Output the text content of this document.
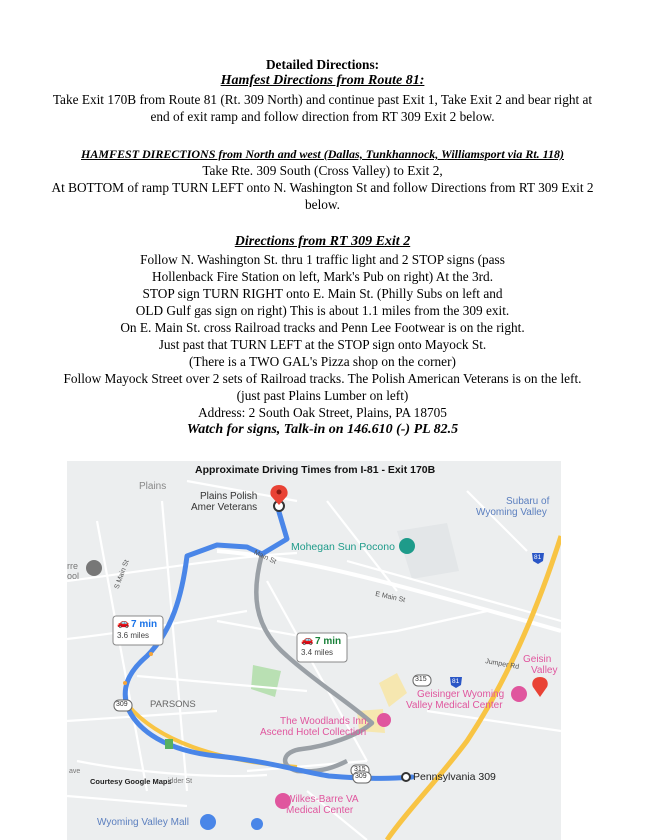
Detailed Directions:
Hamfest Directions from Route 81:
Take Exit 170B from Route 81 (Rt. 309 North) and continue past Exit 1, Take Exit 2 and bear right at
end of exit ramp and follow direction from RT 309 Exit 2 below.
HAMFEST DIRECTIONS from North and west (Dallas, Tunkhannock, Williamsport via Rt. 118)
Take Rte. 309 South (Cross Valley) to Exit 2,
At BOTTOM of ramp TURN LEFT onto N. Washington St and follow Directions from RT 309 Exit 2
below.
Directions from RT 309 Exit 2
Follow N. Washington St. thru 1 traffic light and 2 STOP signs (pass
Hollenback Fire Station on left, Mark's Pub on right) At the 3rd.
STOP sign TURN RIGHT onto E. Main St. (Philly Subs on left and
OLD Gulf gas sign on right) This is about 1.1 miles from the 309 exit.
On E. Main St. cross Railroad tracks and Penn Lee Footwear is on the right.
Just past that TURN LEFT at the STOP sign onto Mayock St.
(There is a TWO GAL's Pizza shop on the corner)
Follow Mayock Street over 2 sets of Railroad tracks. The Polish American Veterans is on the left.
(just past Plains Lumber on left)
Address: 2 South Oak Street, Plains, PA 18705
Watch for signs, Talk-in on 146.610 (-) PL 82.5
Approximate Driving Times from I-81 - Exit 170B
Plains
Plains Polish
Amer Veterans
Subaru of
Wyoming Valley
Mohegan Sun Pocono
Main St
E Main St
S Main St
rre
ool
PARSONS
Jumper Rd Geisin
Valley
Geisinger Wyoming
Valley Medical Center
The Woodlands Inn,
Ascend Hotel Collection
Pennsylvania 309
Courtesy Google Maps
idder St
Wilkes-Barre VA
Medical Center
Wyoming Valley Mall
ave
309
315
309
315	81
81
🚗 7 min
3.6 miles	🚗 7 min
3.4 miles
